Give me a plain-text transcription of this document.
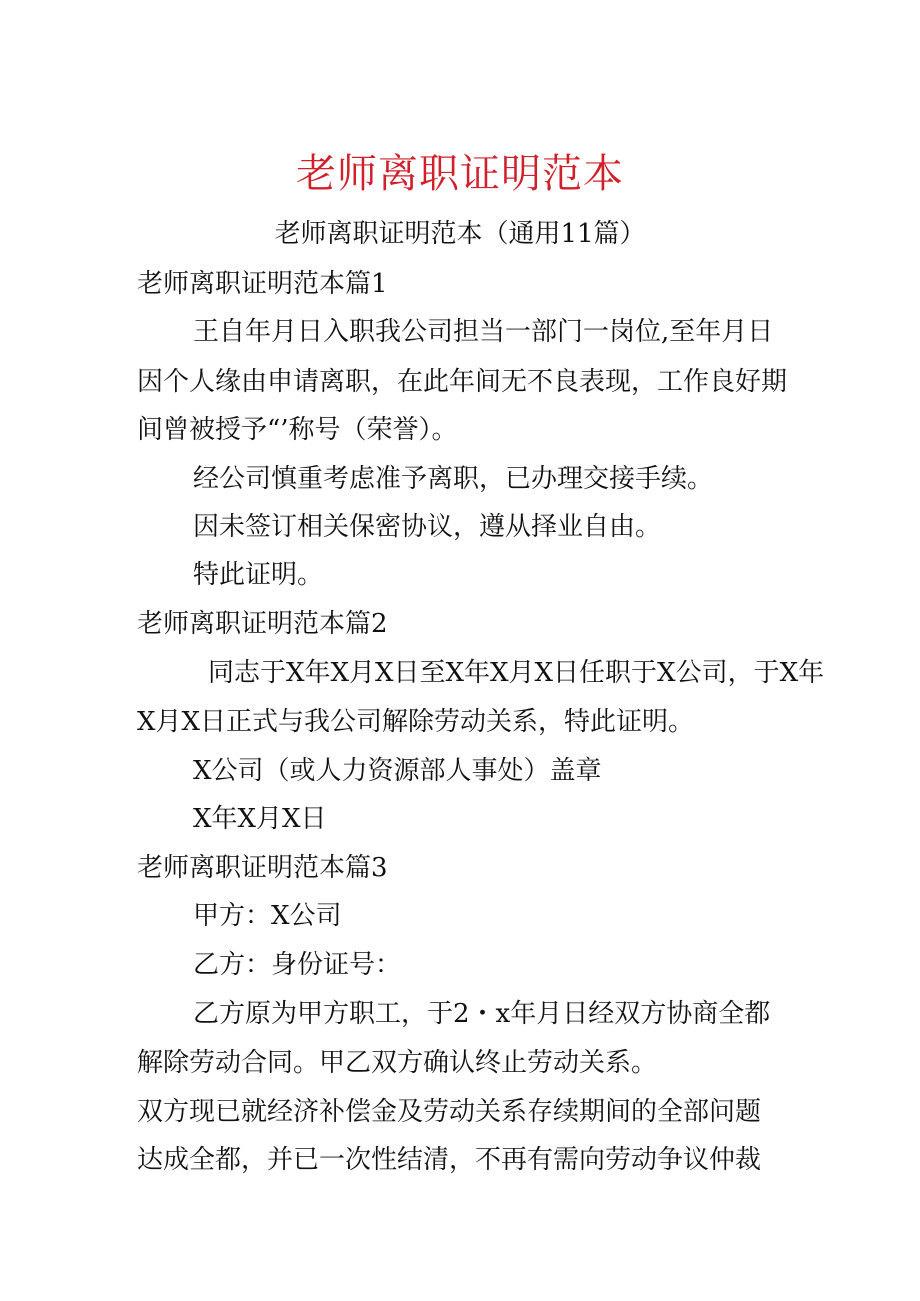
老师离职证明范本
老师离职证明范本（通用11篇）
老师离职证明范本篇1
王自年月日入职我公司担当一部门一岗位,至年月日
因个人缘由申请离职，在此年间无不良表现，工作良好期
间曾被授予“’称号（荣誉）。
经公司慎重考虑准予离职，已办理交接手续。
因未签订相关保密协议，遵从择业自由。
特此证明。
老师离职证明范本篇2
同志于X年X月X日至X年X月X日任职于X公司，于X年
X月X日正式与我公司解除劳动关系，特此证明。
X公司（或人力资源部人事处）盖章
X年X月X日
老师离职证明范本篇3
甲方：X公司
乙方：身份证号：
乙方原为甲方职工，于2・x年月日经双方协商全都
解除劳动合同。甲乙双方确认终止劳动关系。
双方现已就经济补偿金及劳动关系存续期间的全部问题
达成全都，并已一次性结清，不再有需向劳动争议仲裁
